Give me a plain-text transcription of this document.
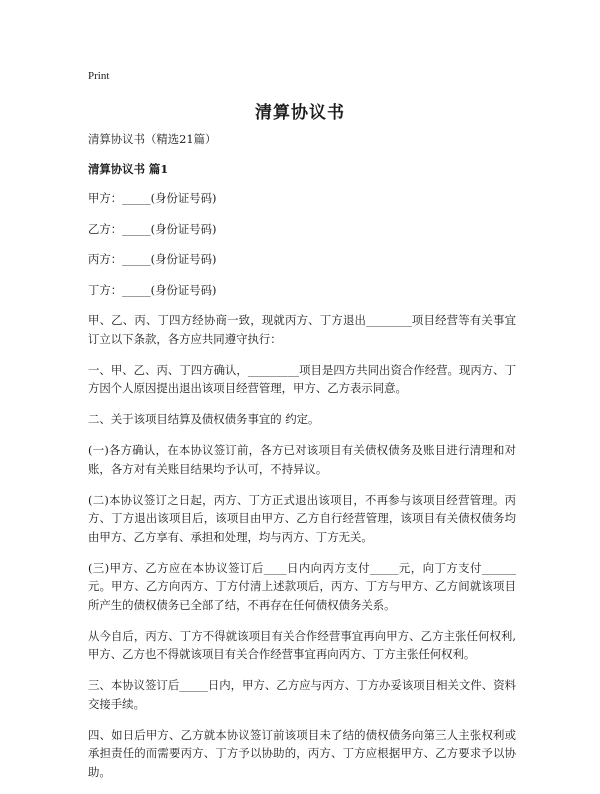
Print
清算协议书

清算协议书（精选21篇）

清算协议书 篇1

甲方：_____(身份证号码)

乙方：_____(身份证号码)

丙方：_____(身份证号码)

丁方：_____(身份证号码)

甲、乙、丙、丁四方经协商一致，现就丙方、丁方退出________项目经营等有关事宜订立以下条款，各方应共同遵守执行：

一、甲、乙、丙、丁四方确认，_________项目是四方共同出资合作经营。现丙方、丁方因个人原因提出退出该项目经营管理，甲方、乙方表示同意。

二、关于该项目结算及债权债务事宜的 约定。

(一)各方确认，在本协议签订前，各方已对该项目有关债权债务及账目进行清理和对账，各方对有关账目结果均予认可，不持异议。

(二)本协议签订之日起，丙方、丁方正式退出该项目，不再参与该项目经营管理。丙方、丁方退出该项目后，该项目由甲方、乙方自行经营管理，该项目有关债权债务均由甲方、乙方享有、承担和处理，均与丙方、丁方无关。

(三)甲方、乙方应在本协议签订后____日内向丙方支付_____元，向丁方支付______元。甲方、乙方向丙方、丁方付清上述款项后，丙方、丁方与甲方、乙方间就该项目所产生的债权债务已全部了结，不再存在任何债权债务关系。

从今自后，丙方、丁方不得就该项目有关合作经营事宜再向甲方、乙方主张任何权利,甲方、乙方也不得就该项目有关合作经营事宜再向丙方、丁方主张任何权利。

三、本协议签订后_____日内，甲方、乙方应与丙方、丁方办妥该项目相关文件、资料交接手续。

四、如日后甲方、乙方就本协议签订前该项目未了结的债权债务向第三人主张权利或承担责任的而需要丙方、丁方予以协助的，丙方、丁方应根据甲方、乙方要求予以协助。
